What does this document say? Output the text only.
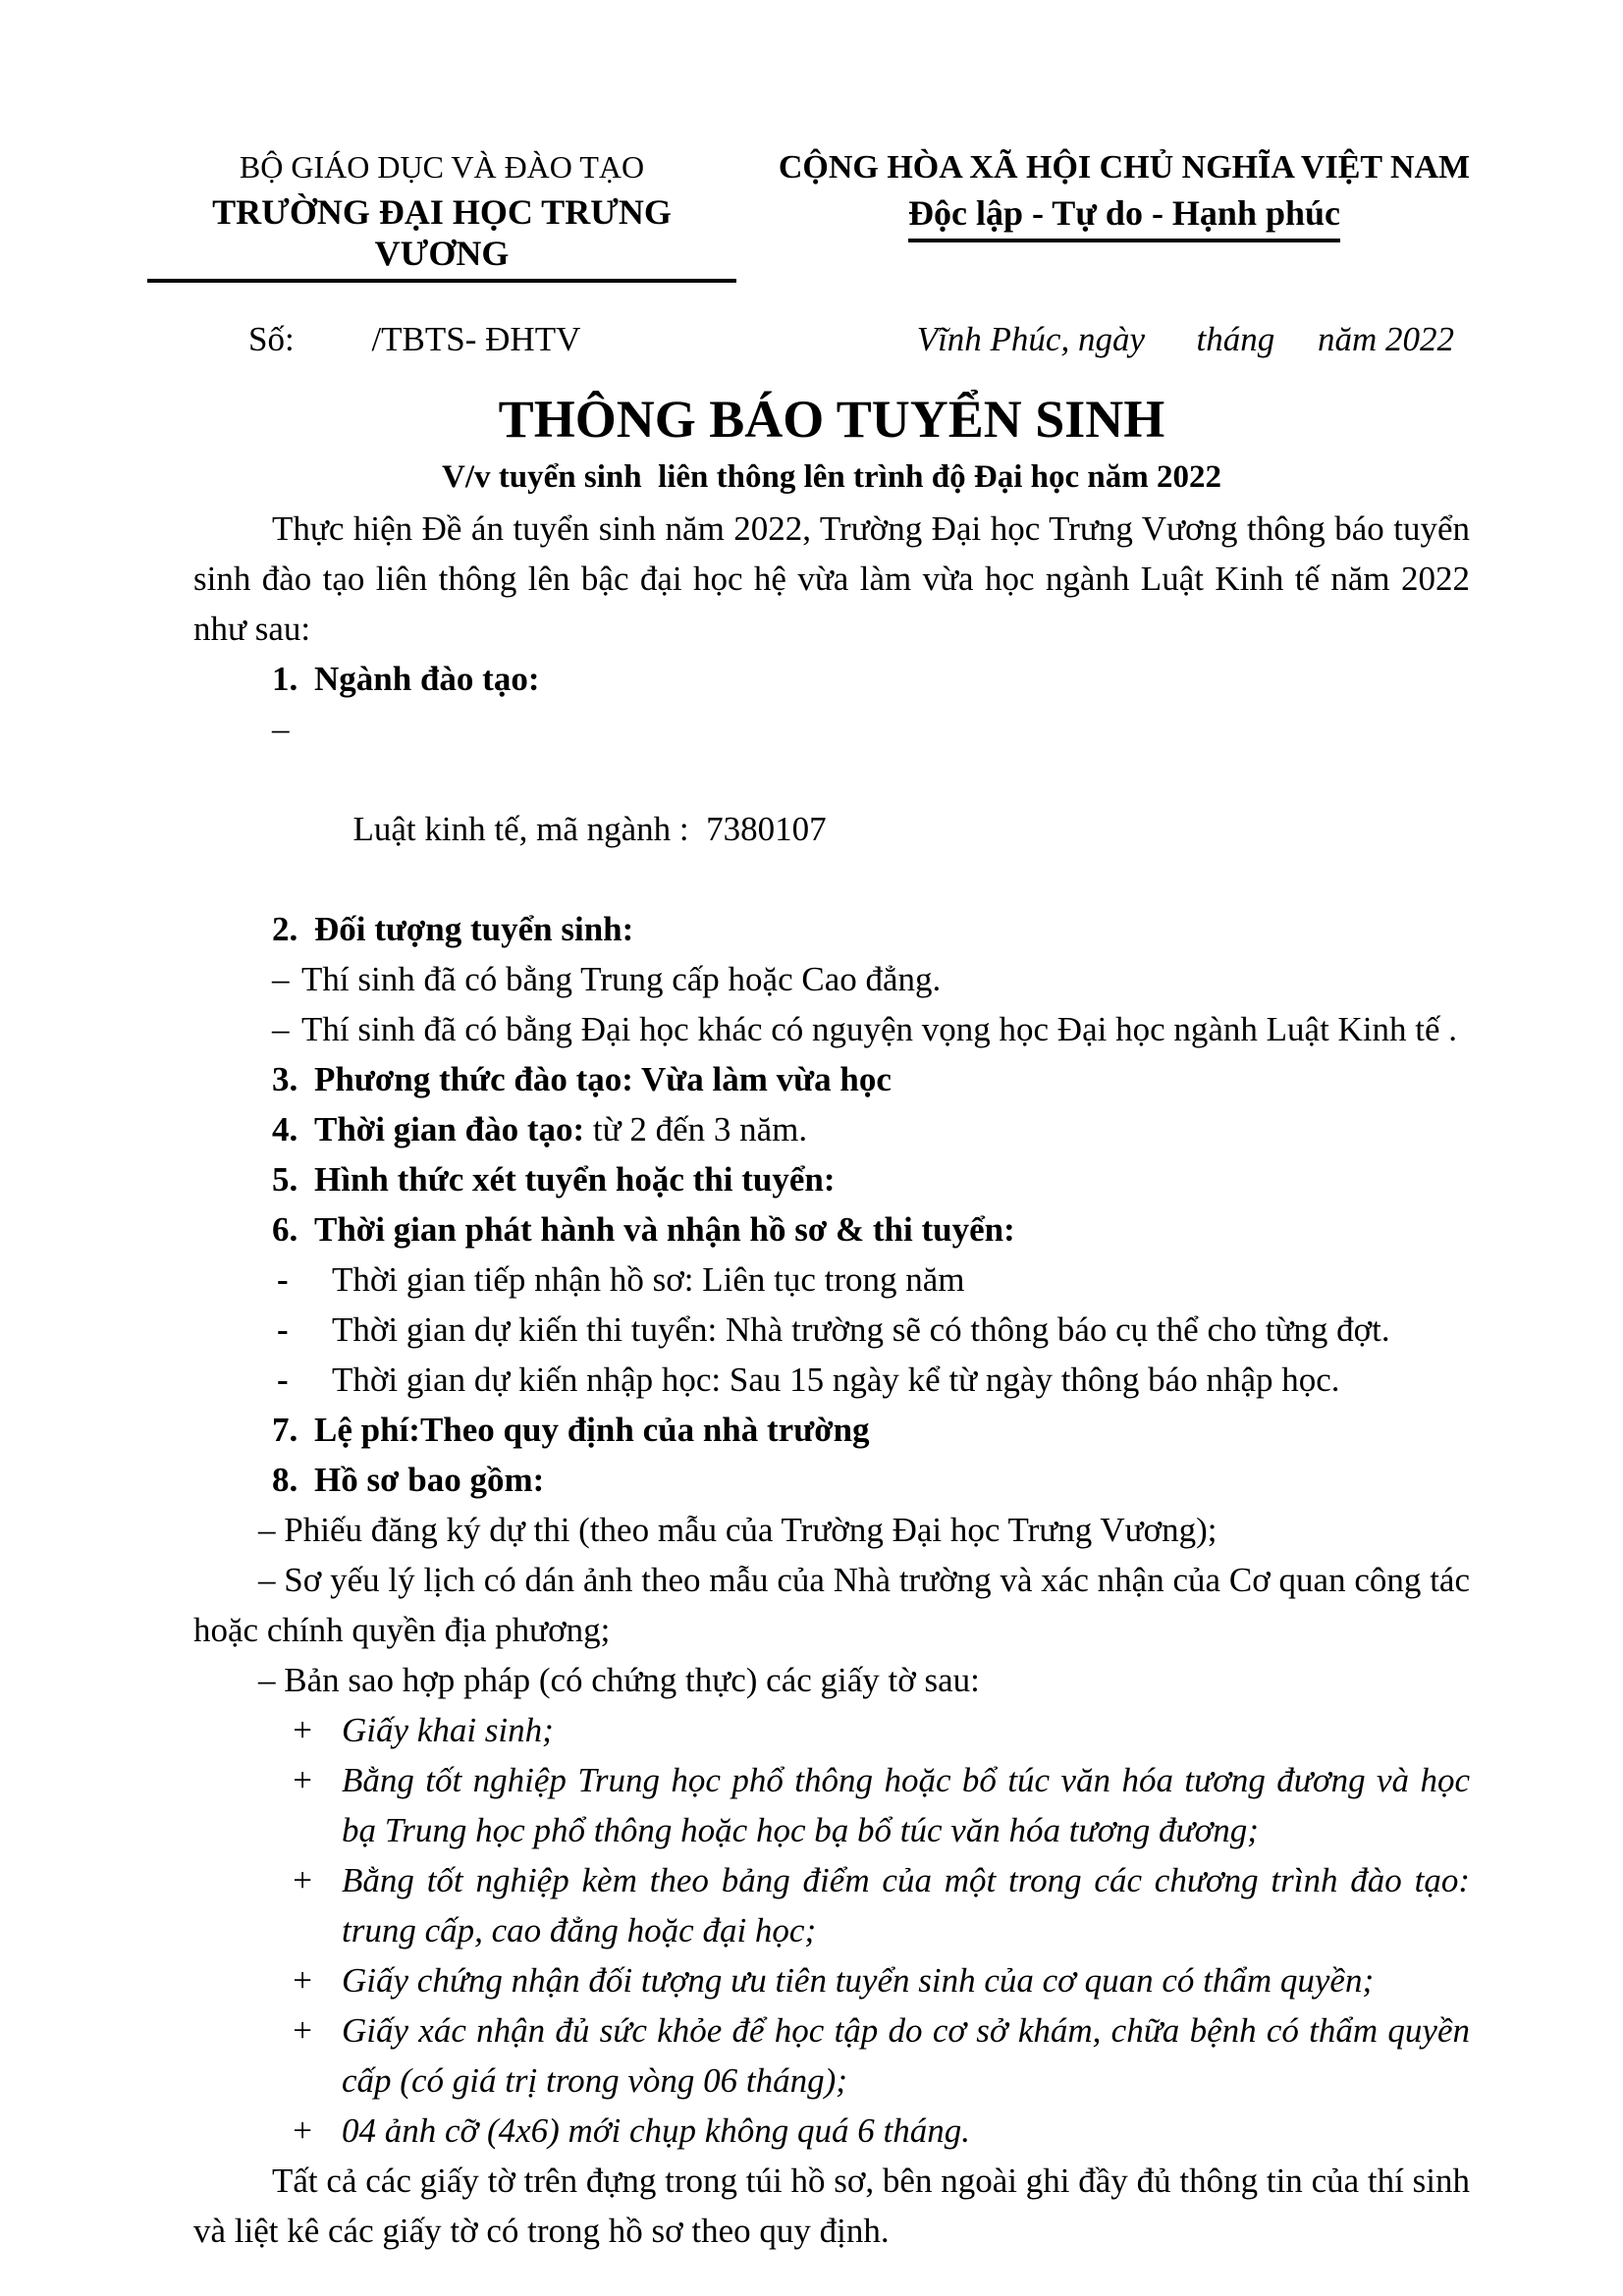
BỘ GIÁO DỤC VÀ ĐÀO TẠO
TRƯỜNG ĐẠI HỌC TRƯNG VƯƠNG
CỘNG HÒA XÃ HỘI CHỦ NGHĨA VIỆT NAM
Độc lập - Tự do - Hạnh phúc
Số:         /TBTS- ĐHTV	Vĩnh Phúc, ngày      tháng     năm 2022
THÔNG BÁO TUYỂN SINH
V/v tuyển sinh  liên thông lên trình độ Đại học năm 2022

Thực hiện Đề án tuyển sinh năm 2022, Trường Đại học Trưng Vương thông báo tuyển sinh đào tạo liên thông lên bậc đại học hệ vừa làm vừa học ngành Luật Kinh tế năm 2022 như sau:

1. Ngành đào tạo:

–

Luật kinh tế, mã ngành :  7380107

2. Đối tượng tuyển sinh:
– Thí sinh đã có bằng Trung cấp hoặc Cao đẳng.
– Thí sinh đã có bằng Đại học khác có nguyện vọng học Đại học ngành Luật Kinh tế .
3. Phương thức đào tạo: Vừa làm vừa học
4. Thời gian đào tạo: từ 2 đến 3 năm.
5. Hình thức xét tuyển hoặc thi tuyển:
6. Thời gian phát hành và nhận hồ sơ & thi tuyển:
- Thời gian tiếp nhận hồ sơ: Liên tục trong năm
- Thời gian dự kiến thi tuyển: Nhà trường sẽ có thông báo cụ thể cho từng đợt.
- Thời gian dự kiến nhập học: Sau 15 ngày kể từ ngày thông báo nhập học.
7. Lệ phí:Theo quy định của nhà trường
8. Hồ sơ bao gồm:

– Phiếu đăng ký dự thi (theo mẫu của Trường Đại học Trưng Vương);

– Sơ yếu lý lịch có dán ảnh theo mẫu của Nhà trường và xác nhận của Cơ quan công tác hoặc chính quyền địa phương;

– Bản sao hợp pháp (có chứng thực) các giấy tờ sau:

+ Giấy khai sinh;
+ Bằng tốt nghiệp Trung học phổ thông hoặc bổ túc văn hóa tương đương và học bạ Trung học phổ thông hoặc học bạ bổ túc văn hóa tương đương;
+ Bằng tốt nghiệp kèm theo bảng điểm của một trong các chương trình đào tạo: trung cấp, cao đẳng hoặc đại học;
+ Giấy chứng nhận đối tượng ưu tiên tuyển sinh của cơ quan có thẩm quyền;
+ Giấy xác nhận đủ sức khỏe để học tập do cơ sở khám, chữa bệnh có thẩm quyền cấp (có giá trị trong vòng 06 tháng);
+ 04 ảnh cỡ (4x6) mới chụp không quá 6 tháng.

Tất cả các giấy tờ trên đựng trong túi hồ sơ, bên ngoài ghi đầy đủ thông tin của thí sinh và liệt kê các giấy tờ có trong hồ sơ theo quy định.
